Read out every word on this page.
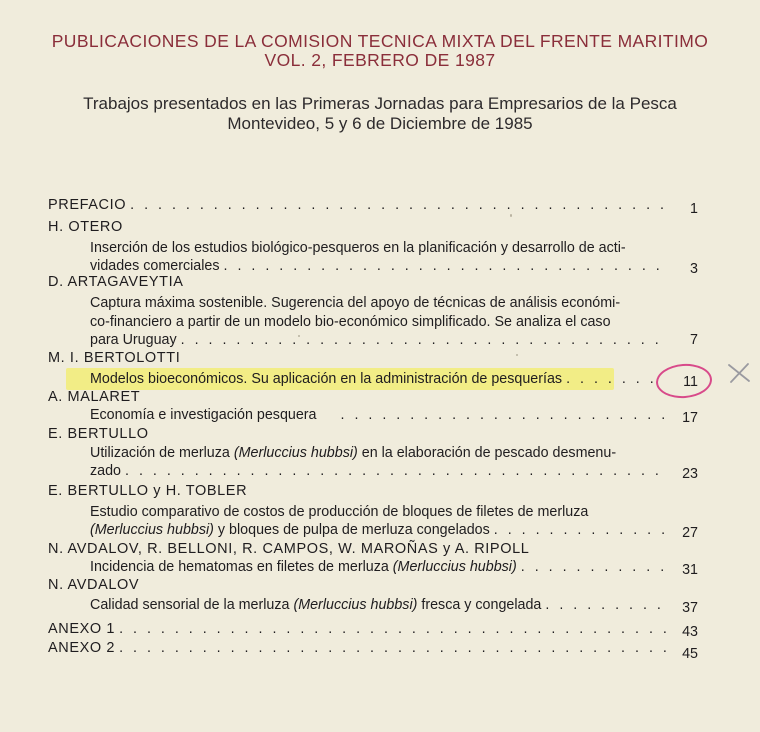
PUBLICACIONES DE LA COMISION TECNICA MIXTA DEL FRENTE MARITIMO
VOL. 2, FEBRERO DE 1987
Trabajos presentados en las Primeras Jornadas para Empresarios de la Pesca
Montevideo, 5 y 6 de Diciembre de 1985
PREFACIO . . .	1
H. OTERO
Inserción de los estudios biológico-pesqueros en la planificación y desarrollo de acti-
vidades comerciales . . .	3
D. ARTAGAVEYTIA
Captura máxima sostenible. Sugerencia del apoyo de técnicas de análisis económi-
co-financiero a partir de un modelo bio-económico simplificado. Se analiza el caso
para Uruguay . . .	7
M. I. BERTOLOTTI
Modelos bioeconómicos. Su aplicación en la administración de pesquerías . . .	11
A. MALARET
Economía e investigación pesquera . . .	17
E. BERTULLO
Utilización de merluza (Merluccius hubbsi) en la elaboración de pescado desmenu-
zado . . .	23
E. BERTULLO y H. TOBLER
Estudio comparativo de costos de producción de bloques de filetes de merluza
(Merluccius hubbsi) y bloques de pulpa de merluza congelados . . .	27
N. AVDALOV, R. BELLONI, R. CAMPOS, W. MAROÑAS y A. RIPOLL
Incidencia de hematomas en filetes de merluza (Merluccius hubbsi) . . .	31
N. AVDALOV
Calidad sensorial de la merluza (Merluccius hubbsi) fresca y congelada . . .	37
ANEXO 1 . . .	43
ANEXO 2 . . .	45
